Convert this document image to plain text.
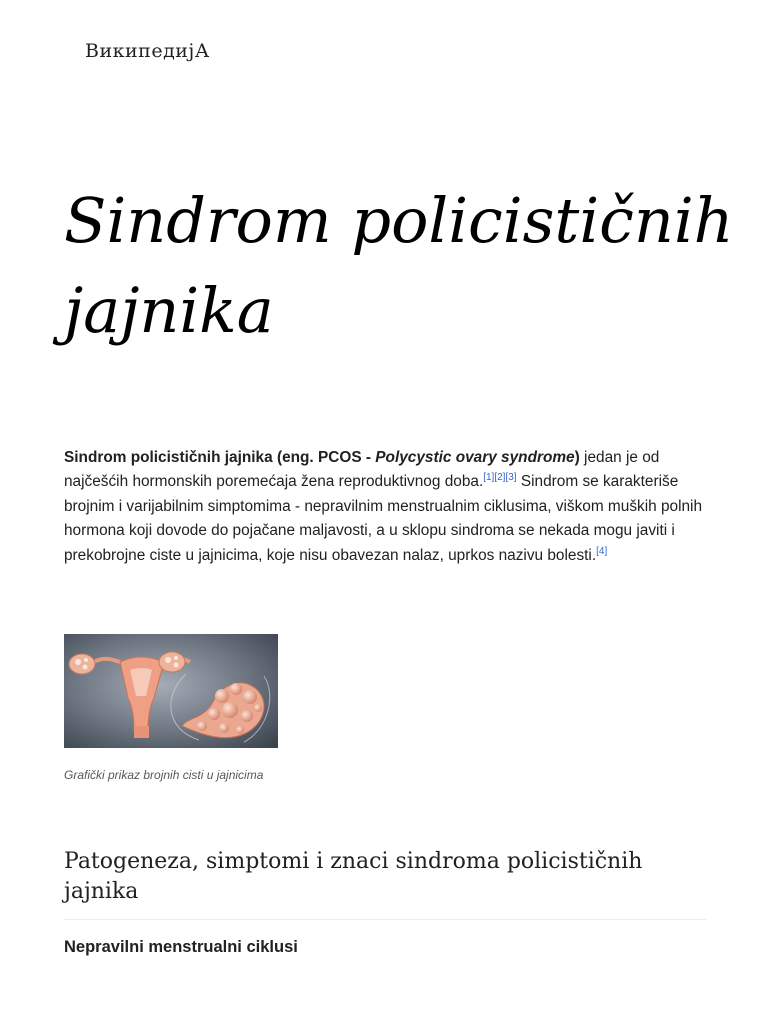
ВикипедијА
Sindrom policističnih jajnika

Sindrom policističnih jajnika (eng. PCOS - Polycystic ovary syndrome) jedan je od najčešćih hormonskih poremećaja žena reproduktivnog doba.[1][2][3] Sindrom se karakteriše brojnim i varijabilnim simptomima - nepravilnim menstrualnim ciklusima, viškom muških polnih hormona koji dovode do pojačane maljavosti, a u sklopu sindroma se nekada mogu javiti i prekobrojne ciste u jajnicima, koje nisu obavezan nalaz, uprkos nazivu bolesti.[4]

Grafički prikaz brojnih cisti u jajnicima
Patogeneza, simptomi i znaci sindroma policističnih jajnika
Nepravilni menstrualni ciklusi
